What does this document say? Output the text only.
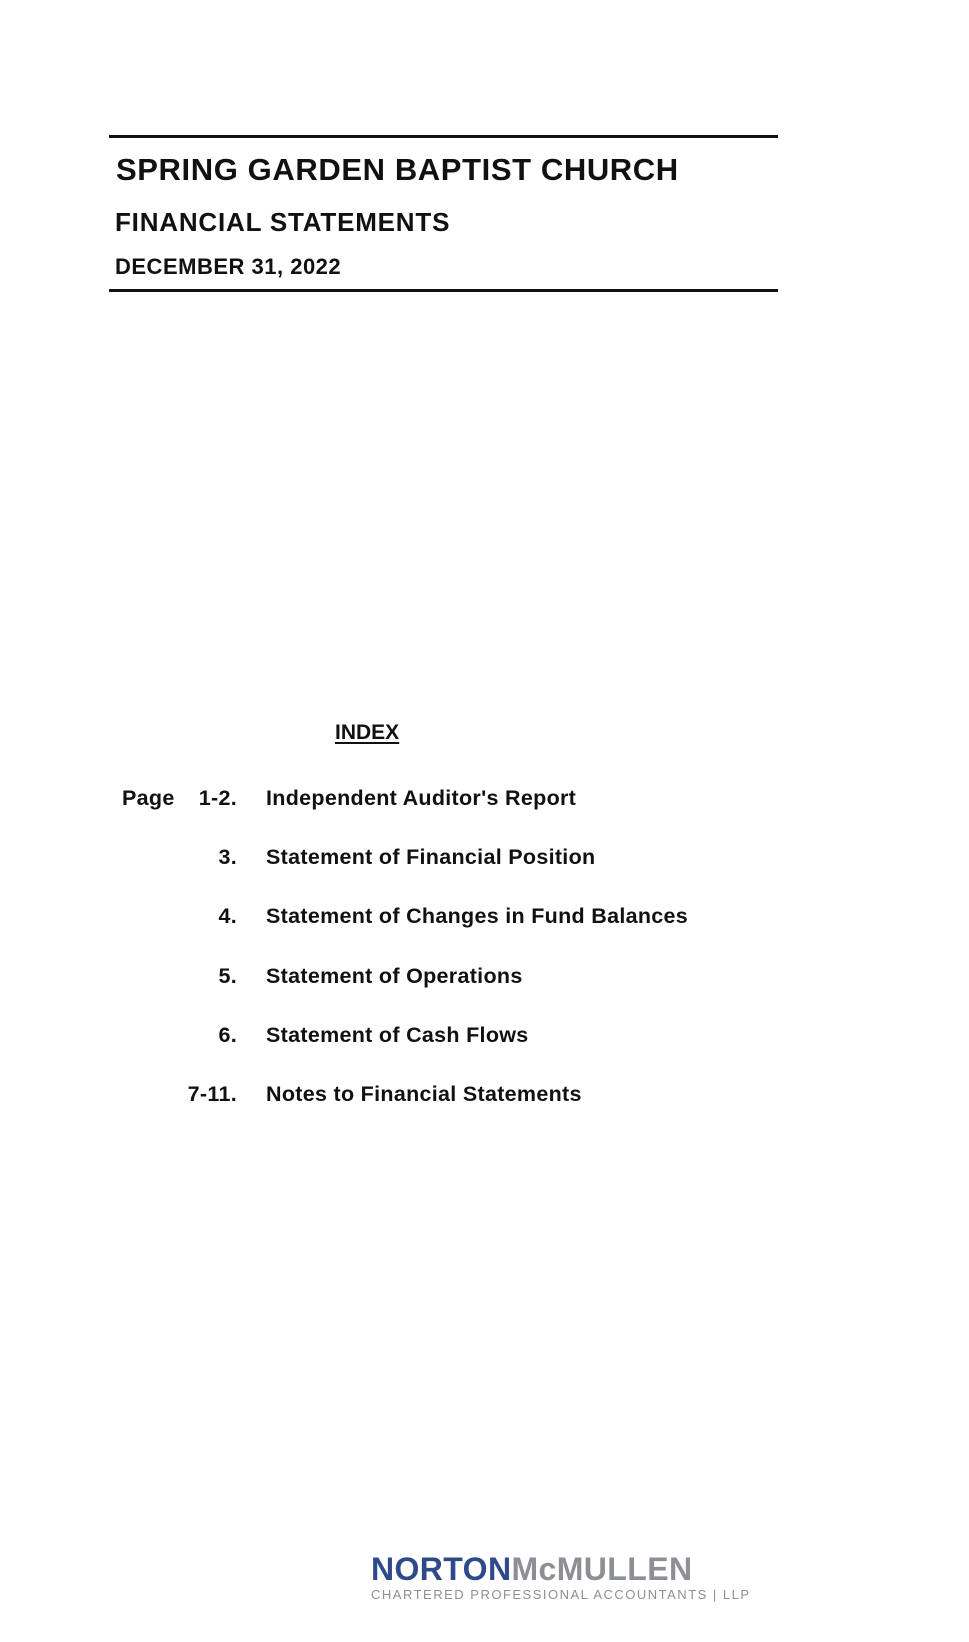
SPRING GARDEN BAPTIST CHURCH
FINANCIAL STATEMENTS
DECEMBER 31, 2022
INDEX
Page 1-2. Independent Auditor's Report
3. Statement of Financial Position
4. Statement of Changes in Fund Balances
5. Statement of Operations
6. Statement of Cash Flows
7-11. Notes to Financial Statements
NORTONMcMULLEN
CHARTERED PROFESSIONAL ACCOUNTANTS | LLP
